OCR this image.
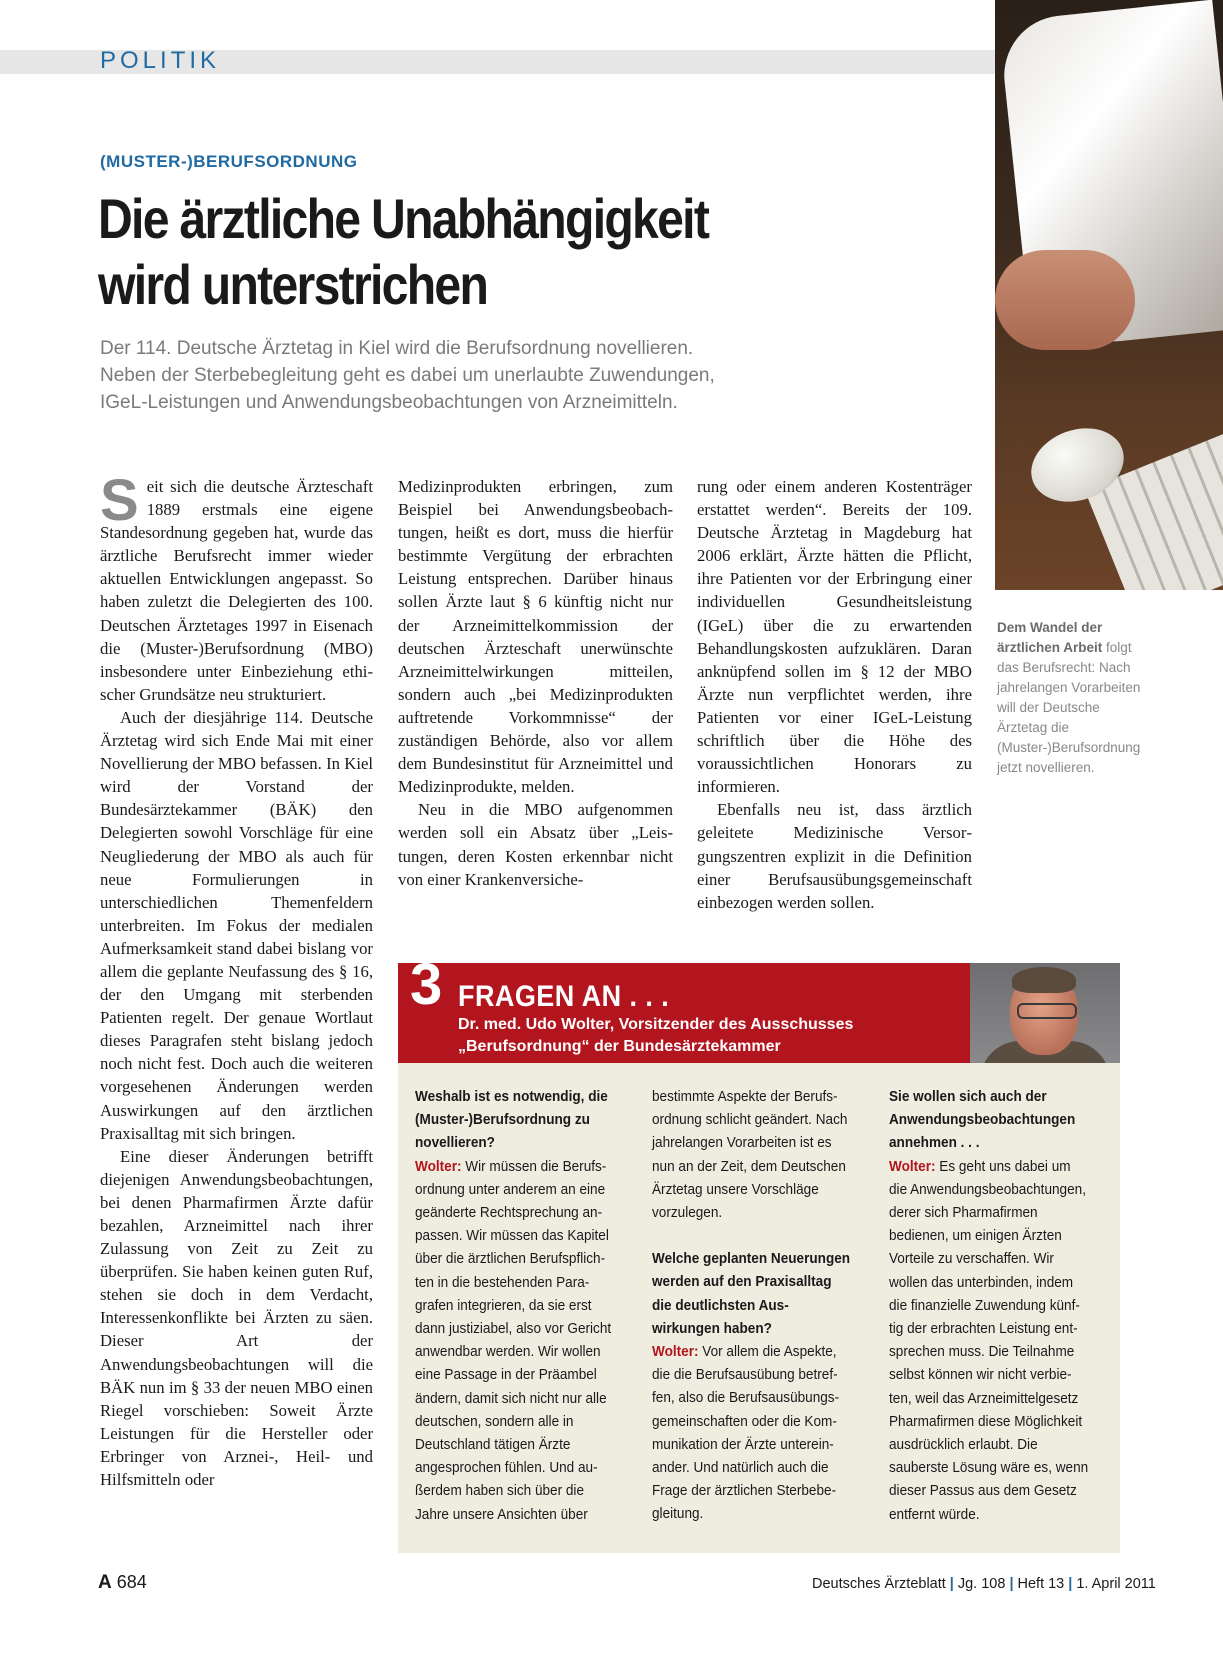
POLITIK
(MUSTER-)BERUFSORDNUNG
Die ärztliche Unabhängigkeit
wird unterstrichen
Der 114. Deutsche Ärztetag in Kiel wird die Berufsordnung novellieren.
Neben der Sterbebegleitung geht es dabei um unerlaubte Zuwendungen,
IGeL-Leistungen und Anwendungsbeobachtungen von Arzneimitteln.
Dem Wandel der ärztlichen Arbeit folgt das Berufsrecht: Nach jahrelangen Vorarbeiten will der Deutsche Ärztetag die (Muster-)Berufsordnung jetzt novellieren.

Seit sich die deutsche Ärzteschaft 1889 erstmals eine eigene Standesordnung gegeben hat, wurde das ärztliche Berufsrecht immer wieder aktuellen Entwicklungen angepasst. So haben zuletzt die Delegierten des 100. Deutschen Ärztetages 1997 in Eisenach die (Muster-)Berufsordnung (MBO) insbesondere unter Einbeziehung ethischer Grundsätze neu strukturiert.

Auch der diesjährige 114. Deutsche Ärztetag wird sich Ende Mai mit einer Novellierung der MBO befassen. In Kiel wird der Vorstand der Bundesärztekammer (BÄK) den Delegierten sowohl Vorschläge für eine Neugliederung der MBO als auch für neue Formulierungen in unterschiedlichen Themenfeldern unterbreiten. Im Fokus der medialen Aufmerksamkeit stand dabei bislang vor allem die geplante Neufassung des § 16, der den Umgang mit sterbenden Patienten regelt. Der genaue Wortlaut dieses Paragrafen steht bislang jedoch noch nicht fest. Doch auch die weiteren vorgesehenen Änderungen werden Auswirkungen auf den ärztlichen Praxisalltag mit sich bringen.

Eine dieser Änderungen betrifft diejenigen Anwendungsbeobachtungen, bei denen Pharmafirmen Ärzte dafür bezahlen, Arzneimittel nach ihrer Zulassung von Zeit zu Zeit zu überprüfen. Sie haben keinen guten Ruf, stehen sie doch in dem Verdacht, Interessenkonflikte bei Ärzten zu säen. Dieser Art der Anwendungsbeobachtungen will die BÄK nun im § 33 der neuen MBO einen Riegel vorschieben: Soweit Ärzte Leistungen für die Hersteller oder Erbringer von Arznei-, Heil- und Hilfsmitteln oder

Medizinprodukten erbringen, zum Beispiel bei Anwendungsbeobachtungen, heißt es dort, muss die hierfür bestimmte Vergütung der erbrachten Leistung entsprechen. Darüber hinaus sollen Ärzte laut § 6 künftig nicht nur der Arzneimittelkommission der deutschen Ärzteschaft unerwünschte Arzneimittelwirkungen mitteilen, sondern auch „bei Medizinprodukten auftretende Vorkommnisse“ der zuständigen Behörde, also vor allem dem Bundesinstitut für Arzneimittel und Medizinprodukte, melden.

Neu in die MBO aufgenommen werden soll ein Absatz über „Leistungen, deren Kosten erkennbar nicht von einer Krankenversiche-

rung oder einem anderen Kostenträger erstattet werden“. Bereits der 109. Deutsche Ärztetag in Magdeburg hat 2006 erklärt, Ärzte hätten die Pflicht, ihre Patienten vor der Erbringung einer individuellen Gesundheitsleistung (IGeL) über die zu erwartenden Behandlungskosten aufzuklären. Daran anknüpfend sollen im § 12 der MBO Ärzte nun verpflichtet werden, ihre Patienten vor einer IGeL-Leistung schriftlich über die Höhe des voraussichtlichen Honorars zu informieren.

Ebenfalls neu ist, dass ärztlich geleitete Medizinische Versorgungszentren explizit in die Definition einer Berufsausübungsgemeinschaft einbezogen werden sollen.

3 FRAGEN AN . . .
Dr. med. Udo Wolter, Vorsitzender des Ausschusses
„Berufsordnung“ der Bundesärztekammer

Weshalb ist es notwendig, die (Muster-)Berufsordnung zu novellieren?

Wolter: Wir müssen die Berufsordnung unter anderem an eine geänderte Rechtsprechung anpassen. Wir müssen das Kapitel über die ärztlichen Berufspflichten in die bestehenden Paragrafen integrieren, da sie erst dann justiziabel, also vor Gericht anwendbar werden. Wir wollen eine Passage in der Präambel ändern, damit sich nicht nur alle deutschen, sondern alle in Deutschland tätigen Ärzte angesprochen fühlen. Und außerdem haben sich über die Jahre unsere Ansichten über

bestimmte Aspekte der Berufsordnung schlicht geändert. Nach jahrelangen Vorarbeiten ist es nun an der Zeit, dem Deutschen Ärztetag unsere Vorschläge vorzulegen.

Welche geplanten Neuerungen werden auf den Praxisalltag die deutlichsten Auswirkungen haben?

Wolter: Vor allem die Aspekte, die die Berufsausübung betreffen, also die Berufsausübungsgemeinschaften oder die Kommunikation der Ärzte untereinander. Und natürlich auch die Frage der ärztlichen Sterbebegleitung.

Sie wollen sich auch der Anwendungsbeobachtungen annehmen . . .

Wolter: Es geht uns dabei um die Anwendungsbeobachtungen, derer sich Pharmafirmen bedienen, um einigen Ärzten Vorteile zu verschaffen. Wir wollen das unterbinden, indem die finanzielle Zuwendung künftig der erbrachten Leistung entsprechen muss. Die Teilnahme selbst können wir nicht verbieten, weil das Arzneimittelgesetz Pharmafirmen diese Möglichkeit ausdrücklich erlaubt. Die sauberste Lösung wäre es, wenn dieser Passus aus dem Gesetz entfernt würde.

A 684	Deutsches Ärzteblatt | Jg. 108 | Heft 13 | 1. April 2011
